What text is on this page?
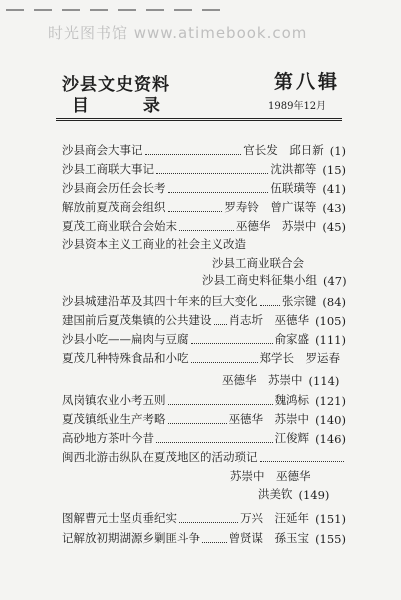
时光图书馆 www.atimebook.com
沙县文史资料	第八辑
目 录	1989年12月
沙县商会大事记	官长发　邱日新 (1)
沙县工商联大事记	沈洪都等 (15)
沙县商会历任会长考	伍联璜等 (41)
解放前夏茂商会组织	罗寿铃　曾广谋等 (43)
夏茂工商业联合会始末	巫德华　苏崇中 (45)
沙县资本主义工商业的社会主义改造
沙县工商业联合会
沙县工商史料征集小组 (47)
沙县城建沿革及其四十年来的巨大变化 张宗键 (84)
建国前后夏茂集镇的公共建设 肖志圻　巫德华 (105)
沙县小吃——扁肉与豆腐	俞家盛 (111)
夏茂几种特殊食品和小吃	郑学长　罗运春
巫德华　苏崇中 (114)
凤岗镇农业小考五则	魏鸿标 (121)
夏茂镇纸业生产考略	巫德华　苏崇中 (140)
高砂地方茶叶今昔	江俊辉 (146)
闽西北游击纵队在夏茂地区的活动琐记
苏崇中　巫德华
洪美钦 (149)
图解曹元士坚贞垂纪实	万兴　汪延年 (151)
记解放初期湖源乡剿匪斗争 曾贤谋　孫玉宝 (155)
